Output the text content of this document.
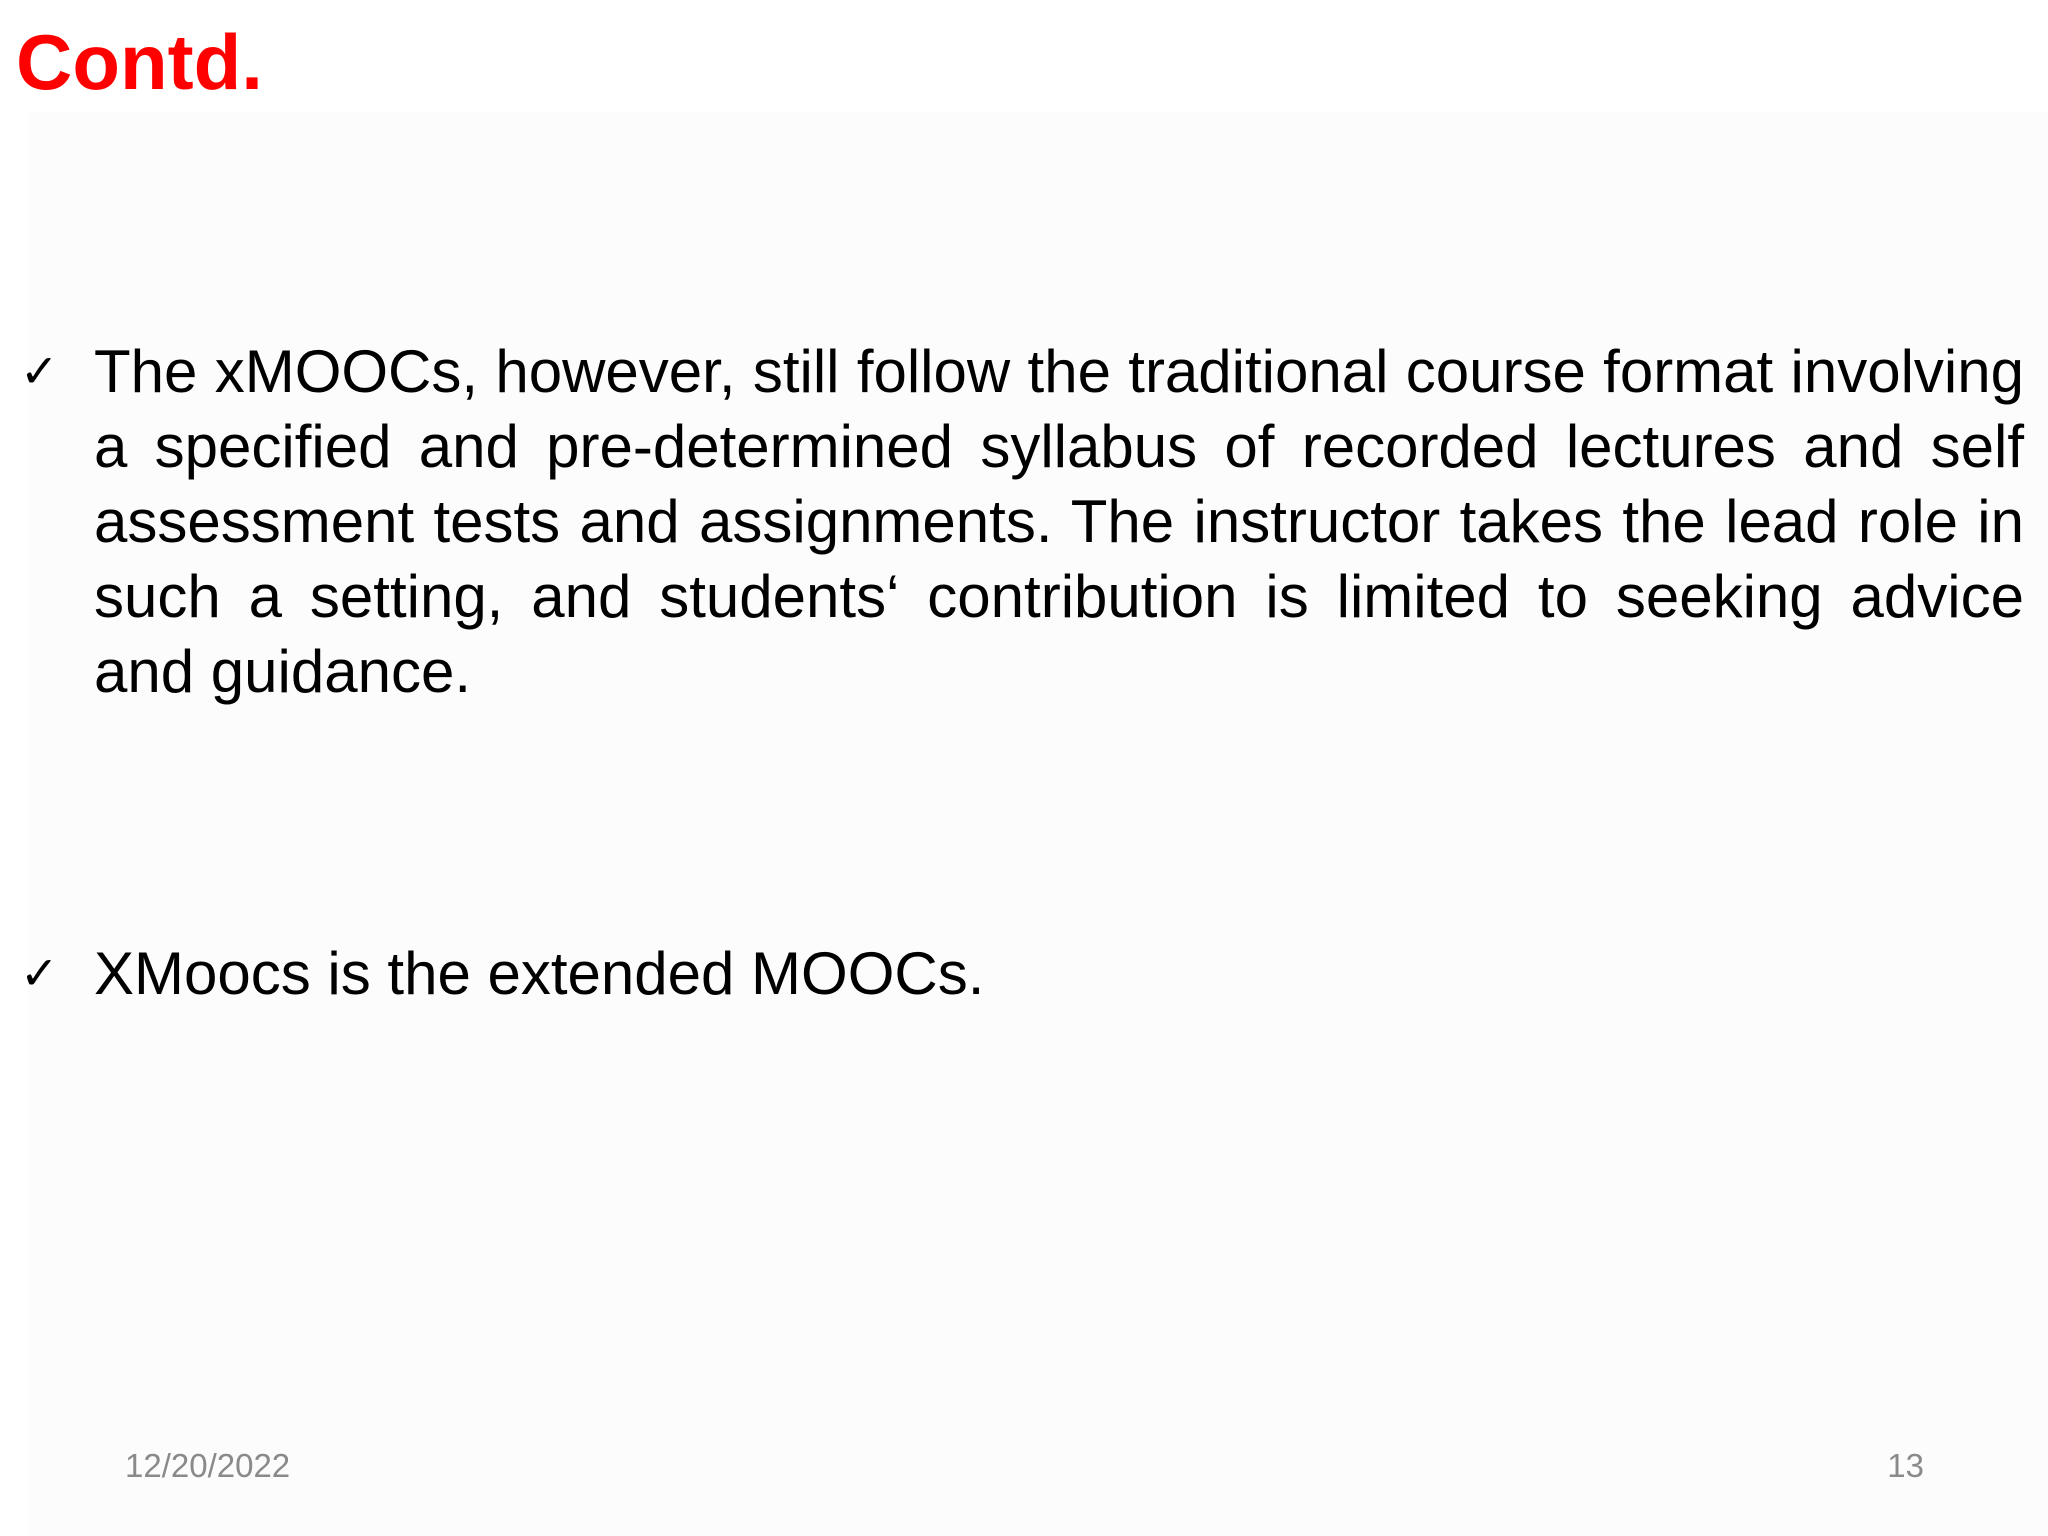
Contd.
✓ The xMOOCs, however, still follow the traditional course format involving a specified and pre-determined syllabus of recorded lectures and self assessment tests and assignments. The instructor takes the lead role in such a setting, and students‘ contribution is limited to seeking advice and guidance.

✓ XMoocs is the extended MOOCs.

12/20/2022	13
